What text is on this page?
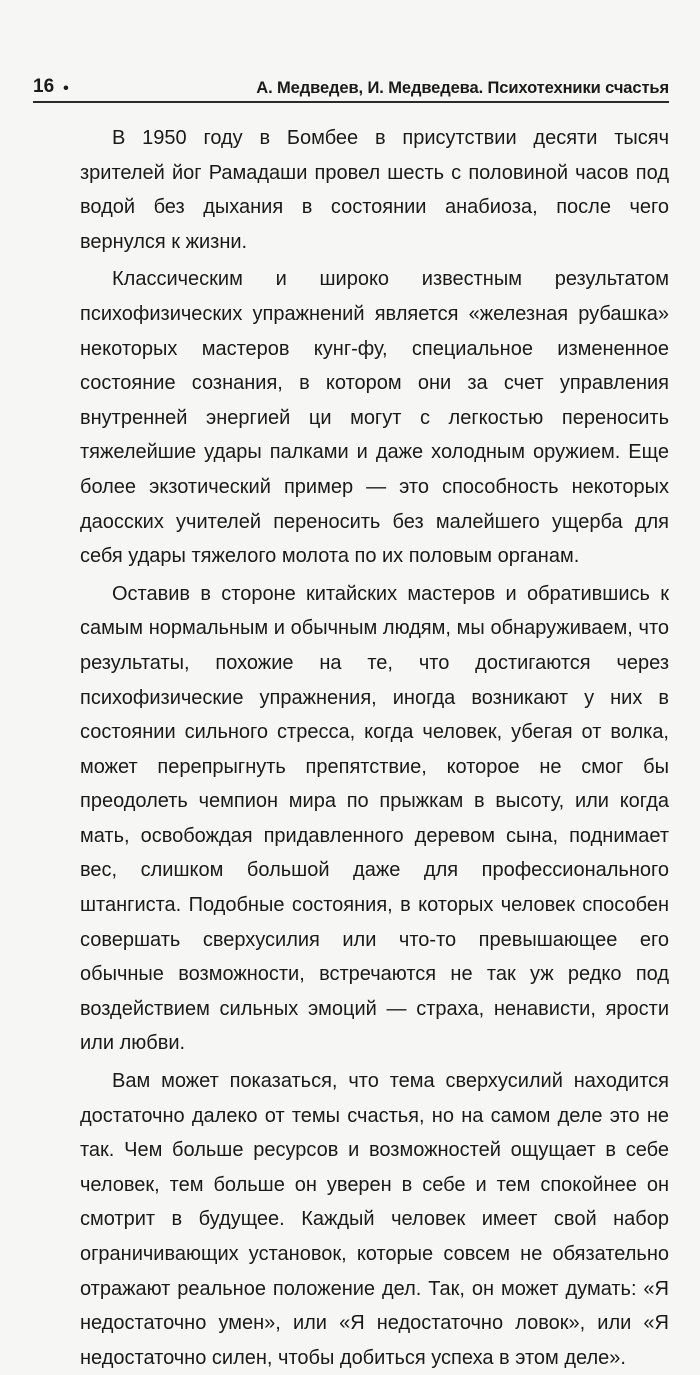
16 •	А. Медведев, И. Медведева. Психотехники счастья

В 1950 году в Бомбее в присутствии десяти тысяч зрителей йог Рамадаши провел шесть с половиной часов под водой без дыхания в состоянии анабиоза, после чего вернулся к жизни.

Классическим и широко известным результатом психофизических упражнений является «железная рубашка» некоторых мастеров кунг-фу, специальное измененное состояние сознания, в котором они за счет управления внутренней энергией ци могут с легкостью переносить тяжелейшие удары палками и даже холодным оружием. Еще более экзотический пример — это способность некоторых даосских учителей переносить без малейшего ущерба для себя удары тяжелого молота по их половым органам.

Оставив в стороне китайских мастеров и обратившись к самым нормальным и обычным людям, мы обнаруживаем, что результаты, похожие на те, что достигаются через психофизические упражнения, иногда возникают у них в состоянии сильного стресса, когда человек, убегая от волка, может перепрыгнуть препятствие, которое не смог бы преодолеть чемпион мира по прыжкам в высоту, или когда мать, освобождая придавленного деревом сына, поднимает вес, слишком большой даже для профессионального штангиста. Подобные состояния, в которых человек способен совершать сверхусилия или что-то превышающее его обычные возможности, встречаются не так уж редко под воздействием сильных эмоций — страха, ненависти, ярости или любви.

Вам может показаться, что тема сверхусилий находится достаточно далеко от темы счастья, но на самом деле это не так. Чем больше ресурсов и возможностей ощущает в себе человек, тем больше он уверен в себе и тем спокойнее он смотрит в будущее. Каждый человек имеет свой набор ограничивающих установок, которые совсем не обязательно отражают реальное положение дел. Так, он может думать: «Я недостаточно умен», или «Я недостаточно ловок», или «Я недостаточно силен, чтобы добиться успеха в этом деле».
